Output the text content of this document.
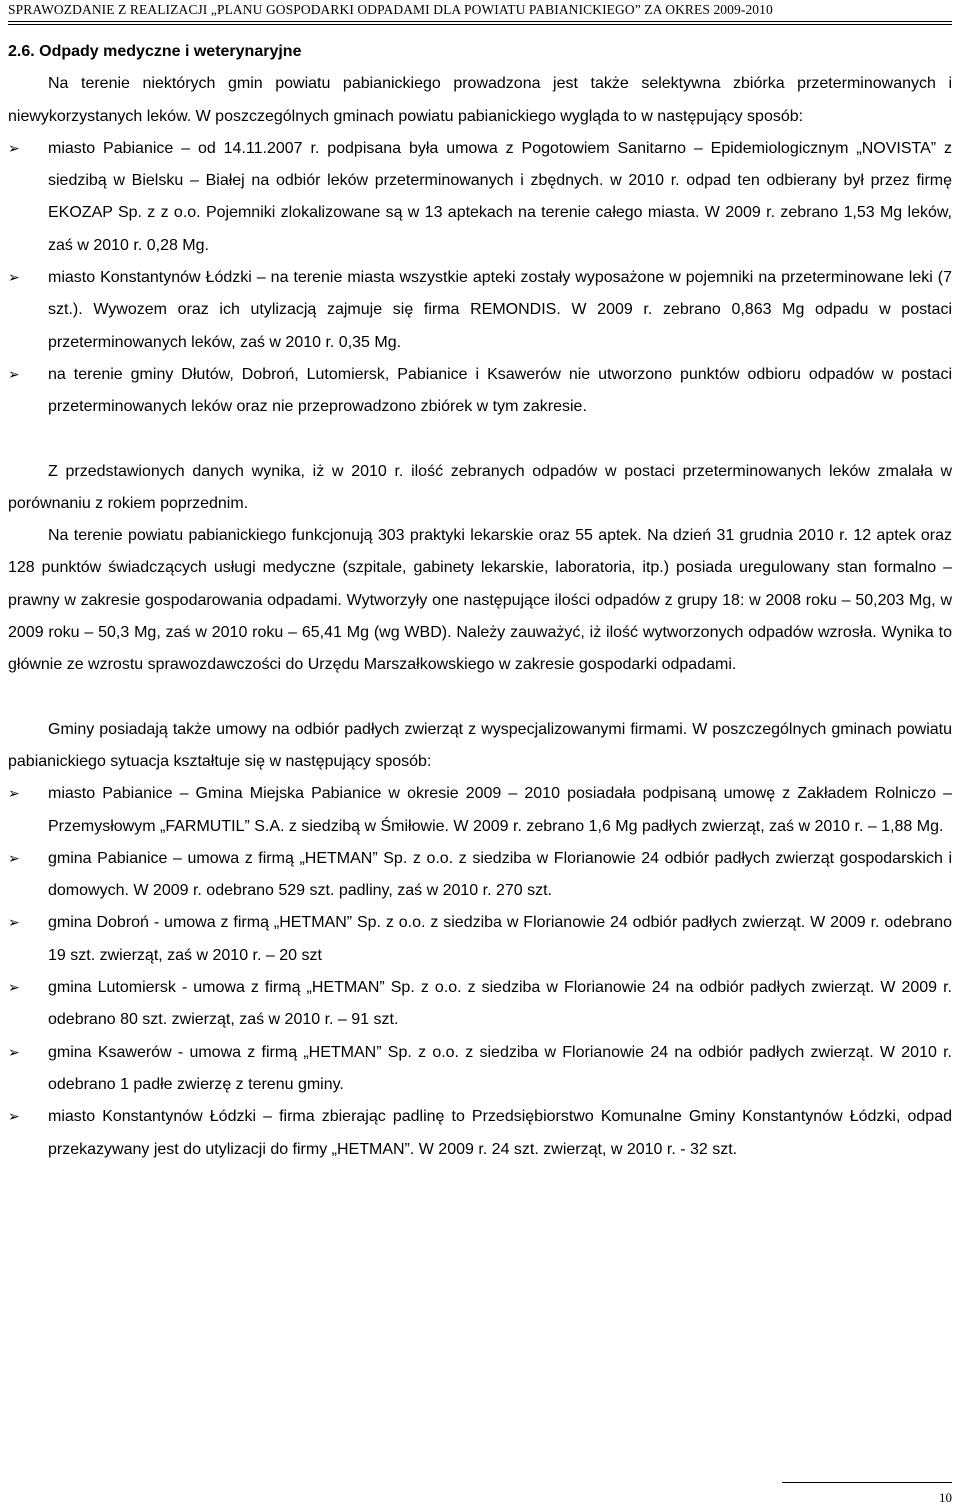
SPRAWOZDANIE Z REALIZACJI „PLANU GOSPODARKI ODPADAMI DLA POWIATU PABIANICKIEGO” ZA OKRES 2009-2010
2.6. Odpady medyczne i weterynaryjne

Na terenie niektórych gmin powiatu pabianickiego prowadzona jest także selektywna zbiórka przeterminowanych i niewykorzystanych leków. W poszczególnych gminach powiatu pabianickiego wygląda to w następujący sposób:

➢ miasto Pabianice – od 14.11.2007 r. podpisana była umowa z Pogotowiem Sanitarno – Epidemiologicznym „NOVISTA” z siedzibą w Bielsku – Białej na odbiór leków przeterminowanych i zbędnych. w 2010 r. odpad ten odbierany był przez firmę EKOZAP Sp. z z o.o. Pojemniki zlokalizowane są w 13 aptekach na terenie całego miasta. W 2009 r. zebrano 1,53 Mg leków, zaś w 2010 r. 0,28 Mg.
➢ miasto Konstantynów Łódzki – na terenie miasta wszystkie apteki zostały wyposażone w pojemniki na przeterminowane leki (7 szt.). Wywozem oraz ich utylizacją zajmuje się firma REMONDIS. W 2009 r. zebrano 0,863 Mg odpadu w postaci przeterminowanych leków, zaś w 2010 r. 0,35 Mg.
➢ na terenie gminy Dłutów, Dobroń, Lutomiersk, Pabianice i Ksawerów nie utworzono punktów odbioru odpadów w postaci przeterminowanych leków oraz nie przeprowadzono zbiórek w tym zakresie.

Z przedstawionych danych wynika, iż w 2010 r. ilość zebranych odpadów w postaci przeterminowanych leków zmalała w porównaniu z rokiem poprzednim.

Na terenie powiatu pabianickiego funkcjonują 303 praktyki lekarskie oraz 55 aptek. Na dzień 31 grudnia 2010 r. 12 aptek oraz 128 punktów świadczących usługi medyczne (szpitale, gabinety lekarskie, laboratoria, itp.) posiada uregulowany stan formalno – prawny w zakresie gospodarowania odpadami. Wytworzyły one następujące ilości odpadów z grupy 18: w 2008 roku – 50,203 Mg, w 2009 roku – 50,3 Mg, zaś w 2010 roku – 65,41 Mg (wg WBD). Należy zauważyć, iż ilość wytworzonych odpadów wzrosła. Wynika to głównie ze wzrostu sprawozdawczości do Urzędu Marszałkowskiego w zakresie gospodarki odpadami.

Gminy posiadają także umowy na odbiór padłych zwierząt z wyspecjalizowanymi firmami. W poszczególnych gminach powiatu pabianickiego sytuacja kształtuje się w następujący sposób:

➢ miasto Pabianice – Gmina Miejska Pabianice w okresie 2009 – 2010 posiadała podpisaną umowę z Zakładem Rolniczo – Przemysłowym „FARMUTIL” S.A. z siedzibą w Śmiłowie. W 2009 r. zebrano 1,6 Mg padłych zwierząt, zaś w 2010 r. – 1,88 Mg.
➢ gmina Pabianice – umowa z firmą „HETMAN” Sp. z o.o. z siedziba w Florianowie 24 odbiór padłych zwierząt gospodarskich i domowych. W 2009 r. odebrano 529 szt. padliny, zaś w 2010 r. 270 szt.
➢ gmina Dobroń - umowa z firmą „HETMAN” Sp. z o.o. z siedziba w Florianowie 24 odbiór padłych zwierząt. W 2009 r. odebrano 19 szt. zwierząt, zaś w 2010 r. – 20 szt
➢ gmina Lutomiersk - umowa z firmą „HETMAN” Sp. z o.o. z siedziba w Florianowie 24 na odbiór padłych zwierząt. W 2009 r. odebrano 80 szt. zwierząt, zaś w 2010 r. – 91 szt.
➢ gmina Ksawerów - umowa z firmą „HETMAN” Sp. z o.o. z siedziba w Florianowie 24 na odbiór padłych zwierząt. W 2010 r. odebrano 1 padłe zwierzę z terenu gminy.
➢ miasto Konstantynów Łódzki – firma zbierając padlinę to Przedsiębiorstwo Komunalne Gminy Konstantynów Łódzki, odpad przekazywany jest do utylizacji do firmy „HETMAN”. W 2009 r. 24 szt. zwierząt, w 2010 r. - 32 szt.
10
